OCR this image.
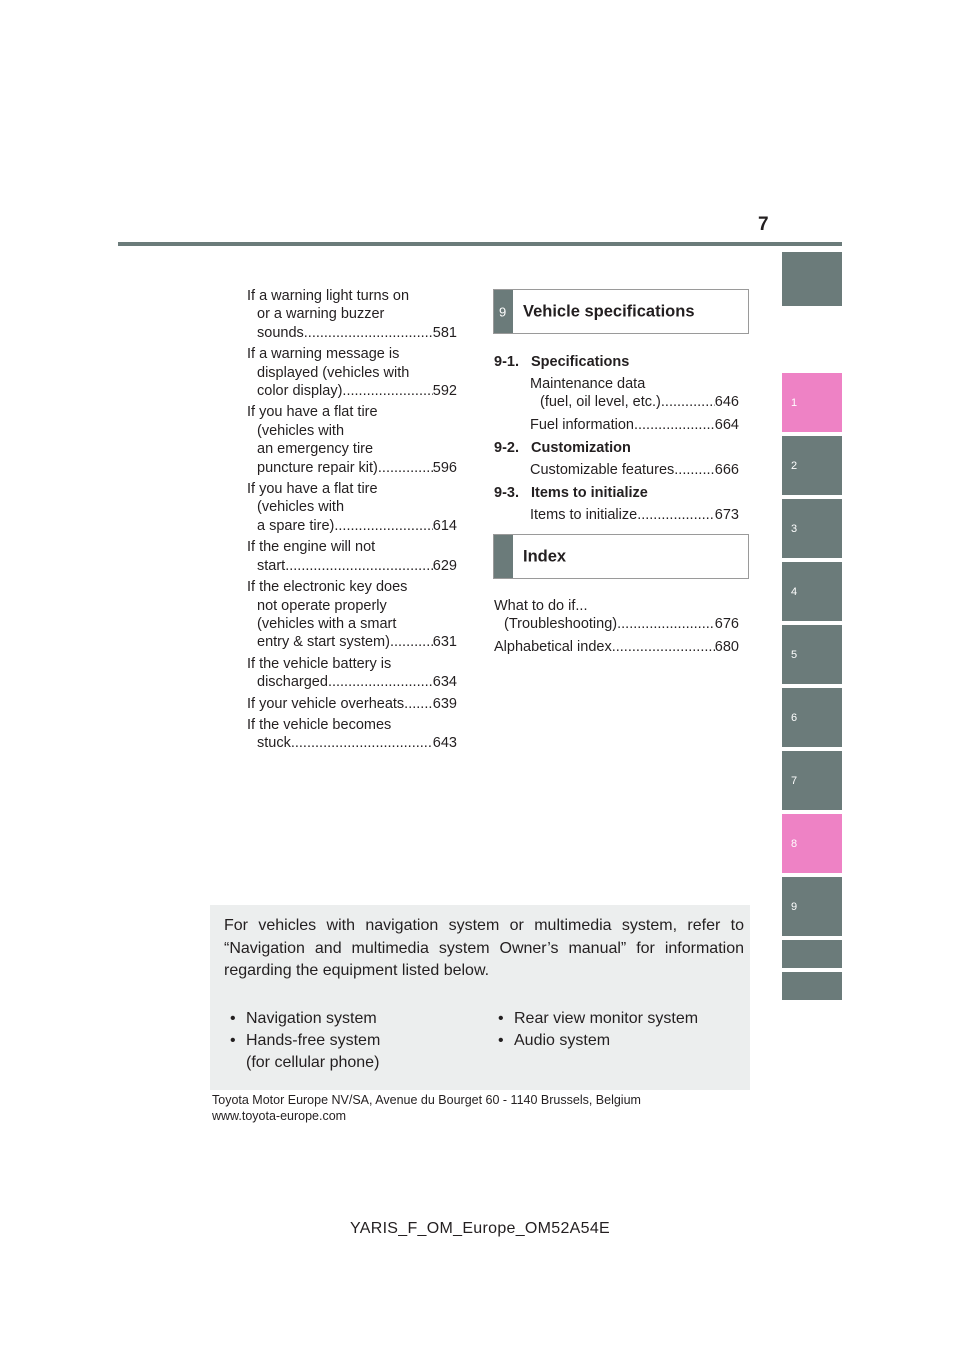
7
1
2
3
4
5
6
7
8
9
If a warning light turns on
or a warning buzzer
sounds .....	581
If a warning message is
displayed (vehicles with
color display) .....	592
If you have a flat tire
(vehicles with
an emergency tire
puncture repair kit) .....	596
If you have a flat tire
(vehicles with
a spare tire) .....	614
If the engine will not
start .....	629
If the electronic key does
not operate properly
(vehicles with a smart
entry & start system) .....	631
If the vehicle battery is
discharged .....	634
If your vehicle overheats ..... 639
If the vehicle becomes
stuck .....	643
9 Vehicle specifications
9-1. Specifications
Maintenance data
(fuel, oil level, etc.) .....	646
Fuel information .....	664
9-2. Customization
Customizable features .....	666
9-3. Items to initialize
Items to initialize .....	673
Index
What to do if...
(Troubleshooting) .....	676
Alphabetical index .....	680
For vehicles with navigation system or multimedia system, refer to “Navigation and multimedia system Owner’s manual” for information regarding the equipment listed below.
• Navigation system
• Hands-free system
(for cellular phone)
• Rear view monitor system
• Audio system
Toyota Motor Europe NV/SA, Avenue du Bourget 60 - 1140 Brussels, Belgium
www.toyota-europe.com
YARIS_F_OM_Europe_OM52A54E
